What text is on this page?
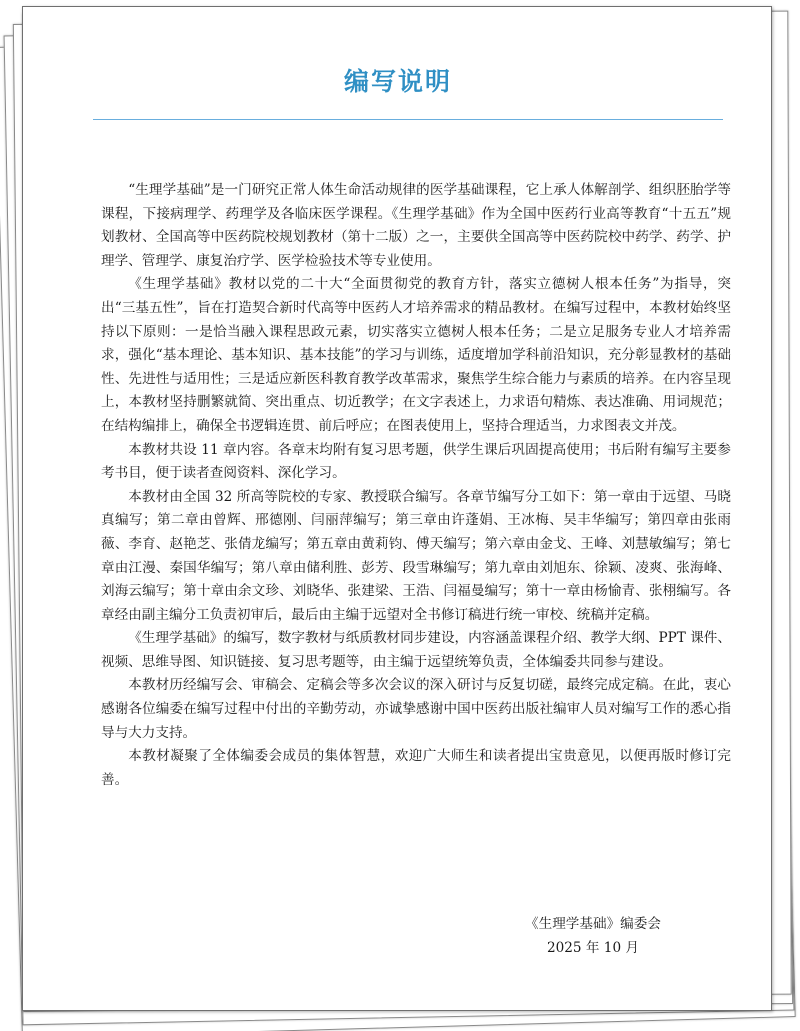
编写说明

“生理学基础”是一门研究正常人体生命活动规律的医学基础课程，它上承人体解剖学、组织胚胎学等课程，下接病理学、药理学及各临床医学课程。《生理学基础》作为全国中医药行业高等教育“十五五”规划教材、全国高等中医药院校规划教材（第十二版）之一，主要供全国高等中医药院校中药学、药学、护理学、管理学、康复治疗学、医学检验技术等专业使用。

《生理学基础》教材以党的二十大“全面贯彻党的教育方针，落实立德树人根本任务”为指导，突出“三基五性”，旨在打造契合新时代高等中医药人才培养需求的精品教材。在编写过程中，本教材始终坚持以下原则：一是恰当融入课程思政元素，切实落实立德树人根本任务；二是立足服务专业人才培养需求，强化“基本理论、基本知识、基本技能”的学习与训练，适度增加学科前沿知识，充分彰显教材的基础性、先进性与适用性；三是适应新医科教育教学改革需求，聚焦学生综合能力与素质的培养。在内容呈现上，本教材坚持删繁就简、突出重点、切近教学；在文字表述上，力求语句精炼、表达准确、用词规范；在结构编排上，确保全书逻辑连贯、前后呼应；在图表使用上，坚持合理适当，力求图表文并茂。

本教材共设 11 章内容。各章末均附有复习思考题，供学生课后巩固提高使用；书后附有编写主要参考书目，便于读者查阅资料、深化学习。

本教材由全国 32 所高等院校的专家、教授联合编写。各章节编写分工如下：第一章由于远望、马晓真编写；第二章由曾辉、邢德刚、闫丽萍编写；第三章由许蓬娟、王冰梅、吴丰华编写；第四章由张雨薇、李育、赵艳芝、张倩龙编写；第五章由黄莉钧、傅天编写；第六章由金戈、王峰、刘慧敏编写；第七章由江漫、秦国华编写；第八章由储利胜、彭芳、段雪琳编写；第九章由刘旭东、徐颖、凌爽、张海峰、刘海云编写；第十章由余文珍、刘晓华、张建梁、王浩、闫福曼编写；第十一章由杨愉青、张栩编写。各章经由副主编分工负责初审后，最后由主编于远望对全书修订稿进行统一审校、统稿并定稿。

《生理学基础》的编写，数字教材与纸质教材同步建设，内容涵盖课程介绍、教学大纲、PPT 课件、视频、思维导图、知识链接、复习思考题等，由主编于远望统筹负责，全体编委共同参与建设。

本教材历经编写会、审稿会、定稿会等多次会议的深入研讨与反复切磋，最终完成定稿。在此，衷心感谢各位编委在编写过程中付出的辛勤劳动，亦诚挚感谢中国中医药出版社编审人员对编写工作的悉心指导与大力支持。

本教材凝聚了全体编委会成员的集体智慧，欢迎广大师生和读者提出宝贵意见，以便再版时修订完善。

《生理学基础》编委会
2025 年 10 月
